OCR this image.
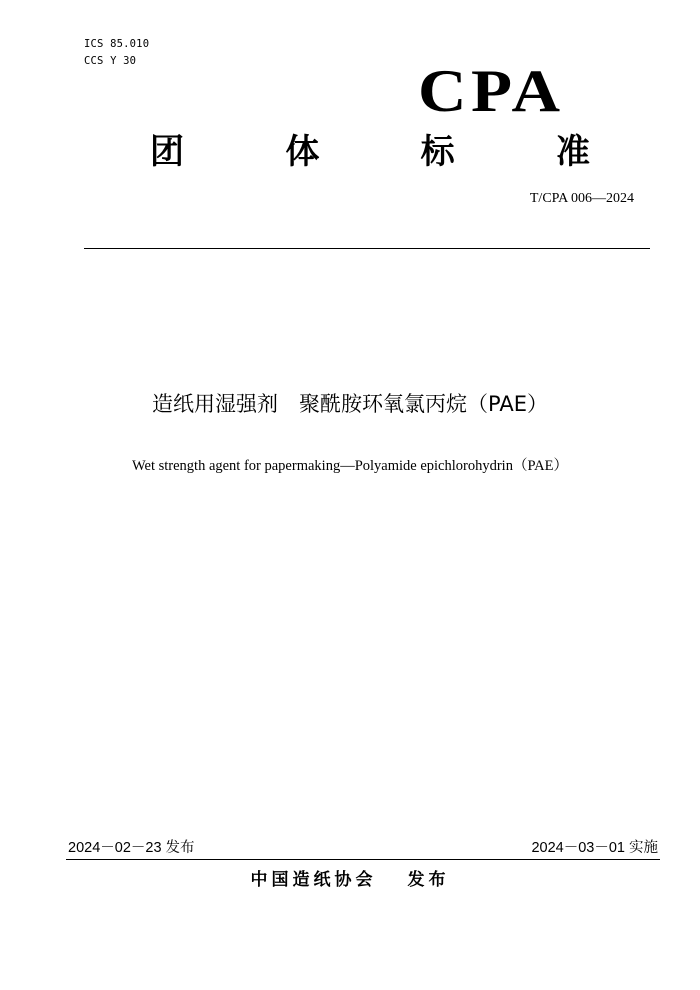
ICS 85.010
CCS Y 30	CPA
团	体	标	准
T/CPA 006—2024
造纸用湿强剂　聚酰胺环氧氯丙烷（PAE）
Wet strength agent for papermaking—Polyamide epichlorohydrin（PAE）
2024－02－23 发布	2024－03－01 实施
中国造纸协会　 发布
